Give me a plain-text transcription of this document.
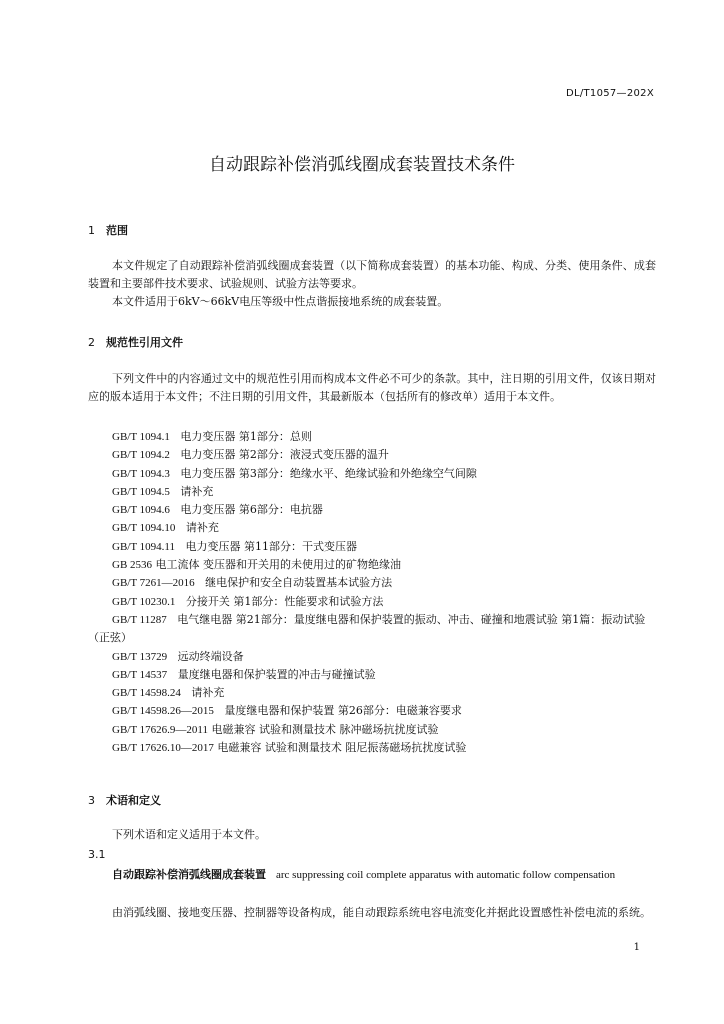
DL/T1057—202X
自动跟踪补偿消弧线圈成套装置技术条件
1 范围
本文件规定了自动跟踪补偿消弧线圈成套装置（以下简称成套装置）的基本功能、构成、分类、使用条件、成套装置和主要部件技术要求、试验规则、试验方法等要求。
本文件适用于6kV～66kV电压等级中性点谐振接地系统的成套装置。
2 规范性引用文件
下列文件中的内容通过文中的规范性引用而构成本文件必不可少的条款。其中，注日期的引用文件，仅该日期对应的版本适用于本文件；不注日期的引用文件，其最新版本（包括所有的修改单）适用于本文件。
GB/T 1094.1 电力变压器 第1部分：总则
GB/T 1094.2 电力变压器 第2部分：液浸式变压器的温升
GB/T 1094.3 电力变压器 第3部分：绝缘水平、绝缘试验和外绝缘空气间隙
GB/T 1094.5 请补充
GB/T 1094.6 电力变压器 第6部分：电抗器
GB/T 1094.10 请补充
GB/T 1094.11 电力变压器 第11部分：干式变压器
GB 2536 电工流体 变压器和开关用的未使用过的矿物绝缘油
GB/T 7261—2016 继电保护和安全自动装置基本试验方法
GB/T 10230.1 分接开关 第1部分：性能要求和试验方法
GB/T 11287 电气继电器 第21部分：量度继电器和保护装置的振动、冲击、碰撞和地震试验 第1篇：振动试验（正弦）
GB/T 13729 远动终端设备
GB/T 14537 量度继电器和保护装置的冲击与碰撞试验
GB/T 14598.24 请补充
GB/T 14598.26—2015 量度继电器和保护装置 第26部分：电磁兼容要求
GB/T 17626.9—2011 电磁兼容 试验和测量技术 脉冲磁场抗扰度试验
GB/T 17626.10—2017 电磁兼容 试验和测量技术 阻尼振荡磁场抗扰度试验
3 术语和定义
下列术语和定义适用于本文件。
3.1
自动跟踪补偿消弧线圈成套装置 arc suppressing coil complete apparatus with automatic follow compensation
由消弧线圈、接地变压器、控制器等设备构成，能自动跟踪系统电容电流变化并据此设置感性补偿电流的系统。
1
